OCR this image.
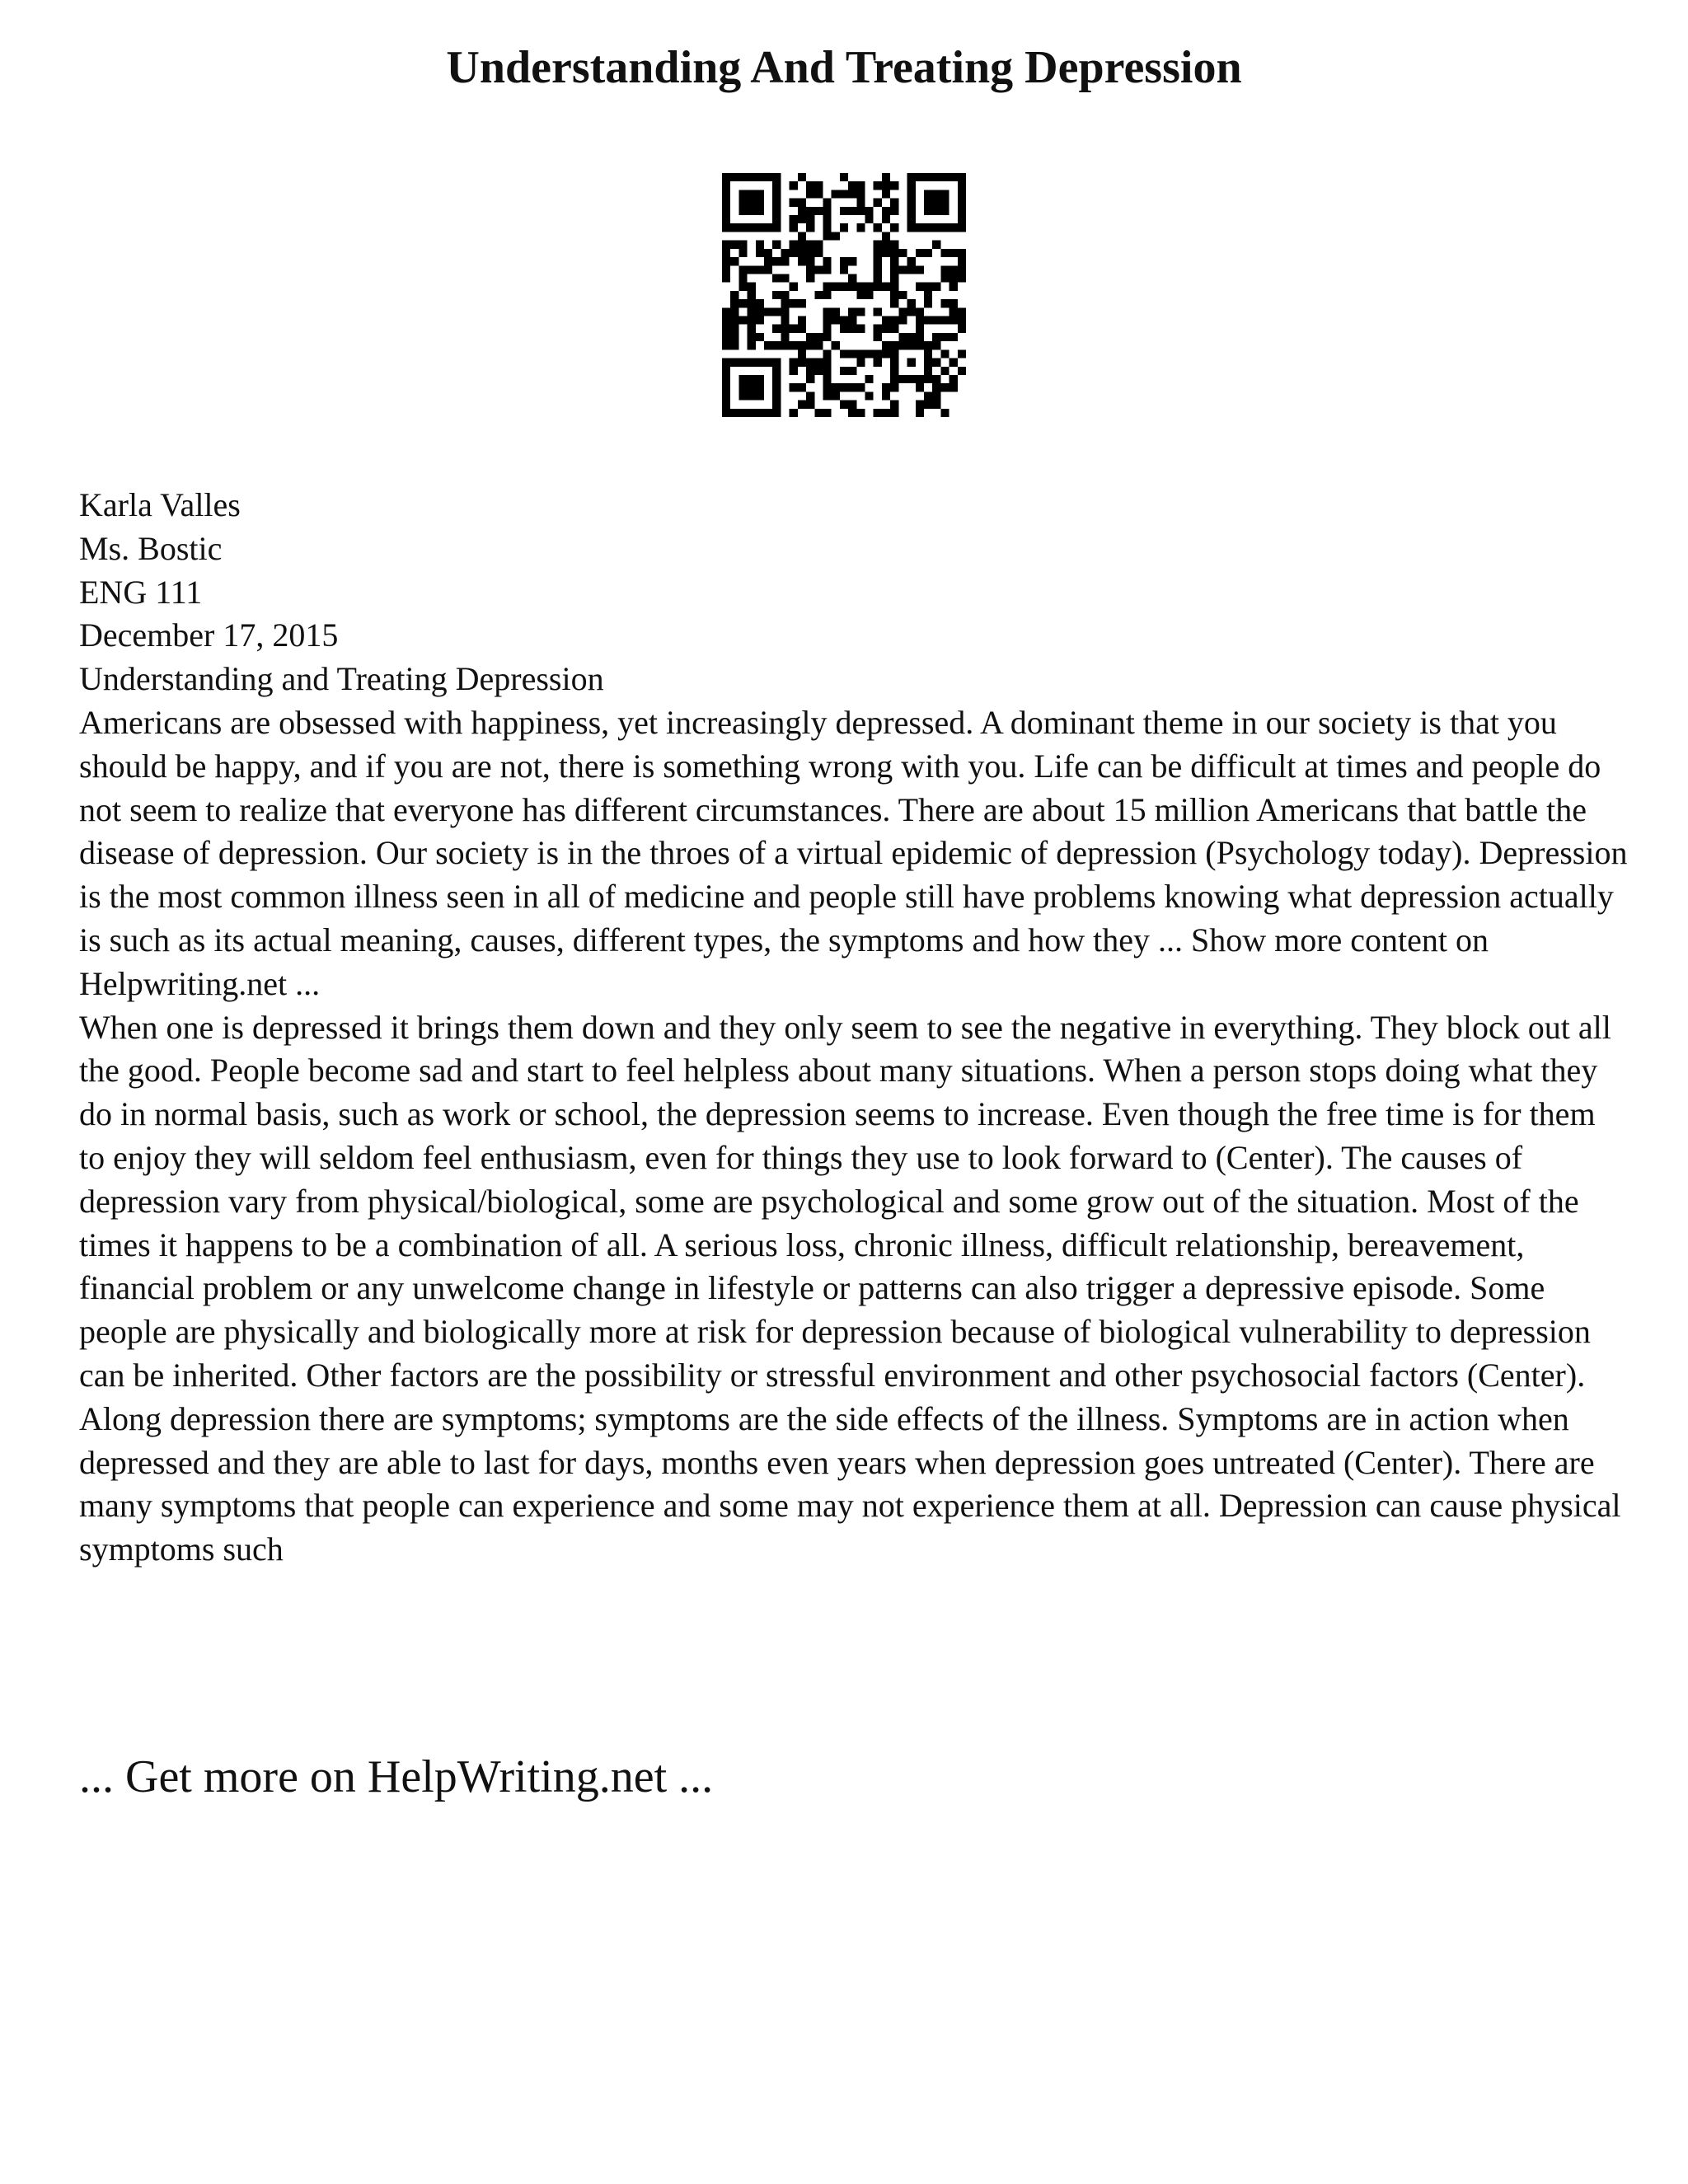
Understanding And Treating Depression

Karla Valles

Ms. Bostic

ENG 111

December 17, 2015

Understanding and Treating Depression

Americans are obsessed with happiness, yet increasingly depressed. A dominant theme in our society is that you should be happy, and if you are not, there is something wrong with you. Life can be difficult at times and people do not seem to realize that everyone has different circumstances. There are about 15 million Americans that battle the disease of depression. Our society is in the throes of a virtual epidemic of depression (Psychology today). Depression is the most common illness seen in all of medicine and people still have problems knowing what depression actually is such as its actual meaning, causes, different types, the symptoms and how they ... Show more content on Helpwriting.net ...

When one is depressed it brings them down and they only seem to see the negative in everything. They block out all the good. People become sad and start to feel helpless about many situations. When a person stops doing what they do in normal basis, such as work or school, the depression seems to increase. Even though the free time is for them to enjoy they will seldom feel enthusiasm, even for things they use to look forward to (Center). The causes of depression vary from physical/biological, some are psychological and some grow out of the situation. Most of the times it happens to be a combination of all. A serious loss, chronic illness, difficult relationship, bereavement, financial problem or any unwelcome change in lifestyle or patterns can also trigger a depressive episode. Some people are physically and biologically more at risk for depression because of biological vulnerability to depression can be inherited. Other factors are the possibility or stressful environment and other psychosocial factors (Center).

Along depression there are symptoms; symptoms are the side effects of the illness. Symptoms are in action when depressed and they are able to last for days, months even years when depression goes untreated (Center). There are many symptoms that people can experience and some may not experience them at all. Depression can cause physical symptoms such

... Get more on HelpWriting.net ...
